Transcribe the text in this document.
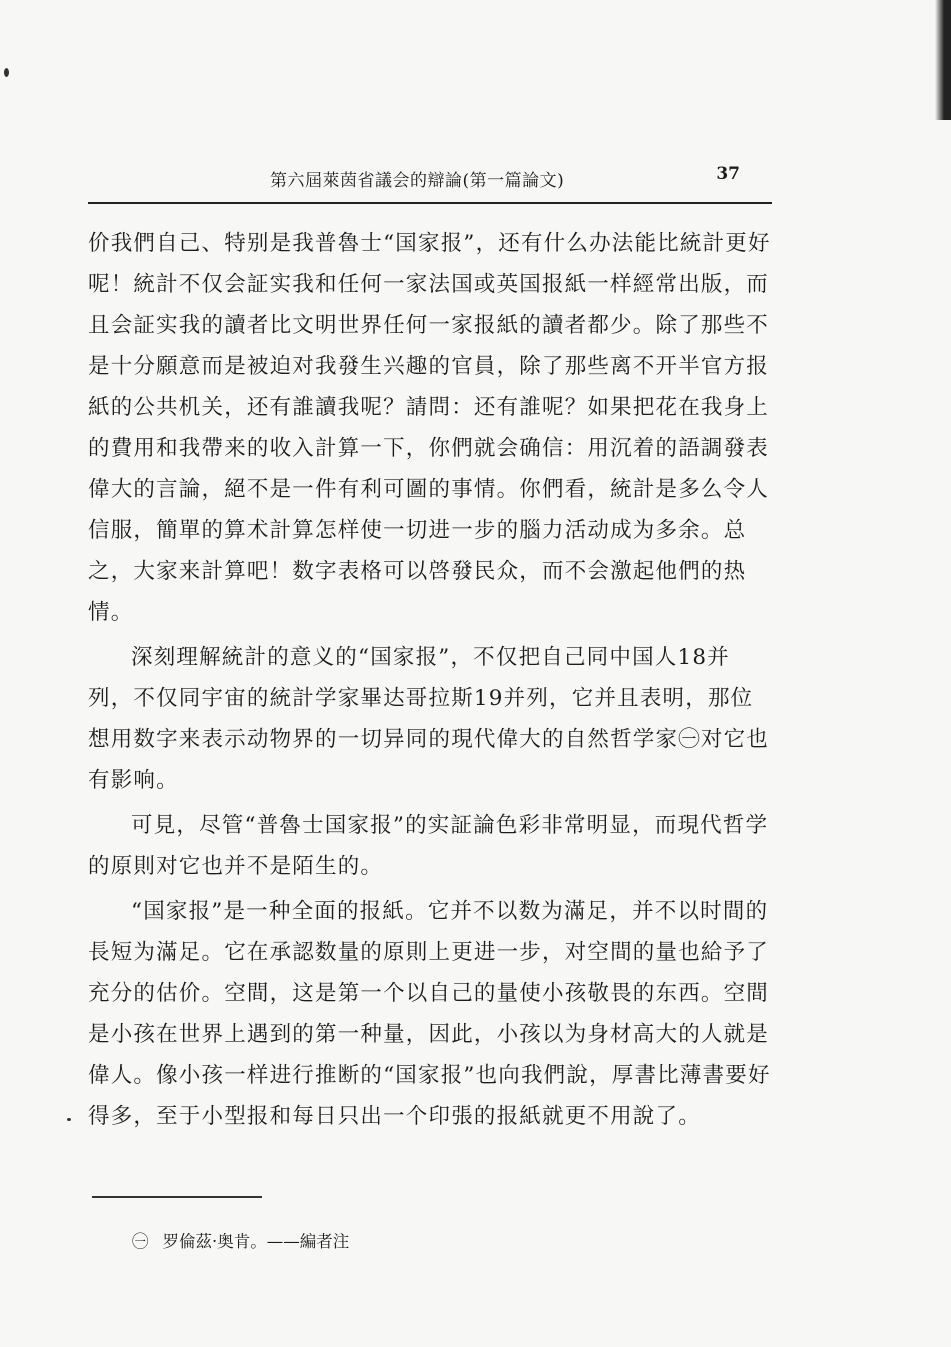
第六屆萊茵省議会的辯論(第一篇論文)	37

价我們自己、特别是我普魯士“国家报”，还有什么办法能比統計更好呢！統計不仅会証实我和任何一家法国或英国报紙一样經常出版，而且会証实我的讀者比文明世界任何一家报紙的讀者都少。除了那些不是十分願意而是被迫对我發生兴趣的官員，除了那些离不开半官方报紙的公共机关，还有誰讀我呢？請問：还有誰呢？如果把花在我身上的費用和我帶来的收入計算一下，你們就会确信：用沉着的語調發表偉大的言論，絕不是一件有利可圖的事情。你們看，統計是多么令人信服，簡單的算术計算怎样使一切进一步的腦力活动成为多余。总之，大家来計算吧！数字表格可以啓發民众，而不会激起他們的热情。

深刻理解統計的意义的“国家报”，不仅把自己同中国人18并列，不仅同宇宙的統計学家畢达哥拉斯19并列，它并且表明，那位想用数字来表示动物界的一切异同的現代偉大的自然哲学家㊀对它也有影响。

可見，尽管“普魯士国家报”的实証論色彩非常明显，而現代哲学的原則对它也并不是陌生的。

“国家报”是一种全面的报紙。它并不以数为滿足，并不以时間的長短为滿足。它在承認数量的原則上更进一步，对空間的量也給予了充分的估价。空間，这是第一个以自己的量使小孩敬畏的东西。空間是小孩在世界上遇到的第一种量，因此，小孩以为身材高大的人就是偉人。像小孩一样进行推断的“国家报”也向我們說，厚書比薄書要好得多，至于小型报和每日只出一个印張的报紙就更不用說了。

㊀ 罗倫茲·奥肯。——編者注
